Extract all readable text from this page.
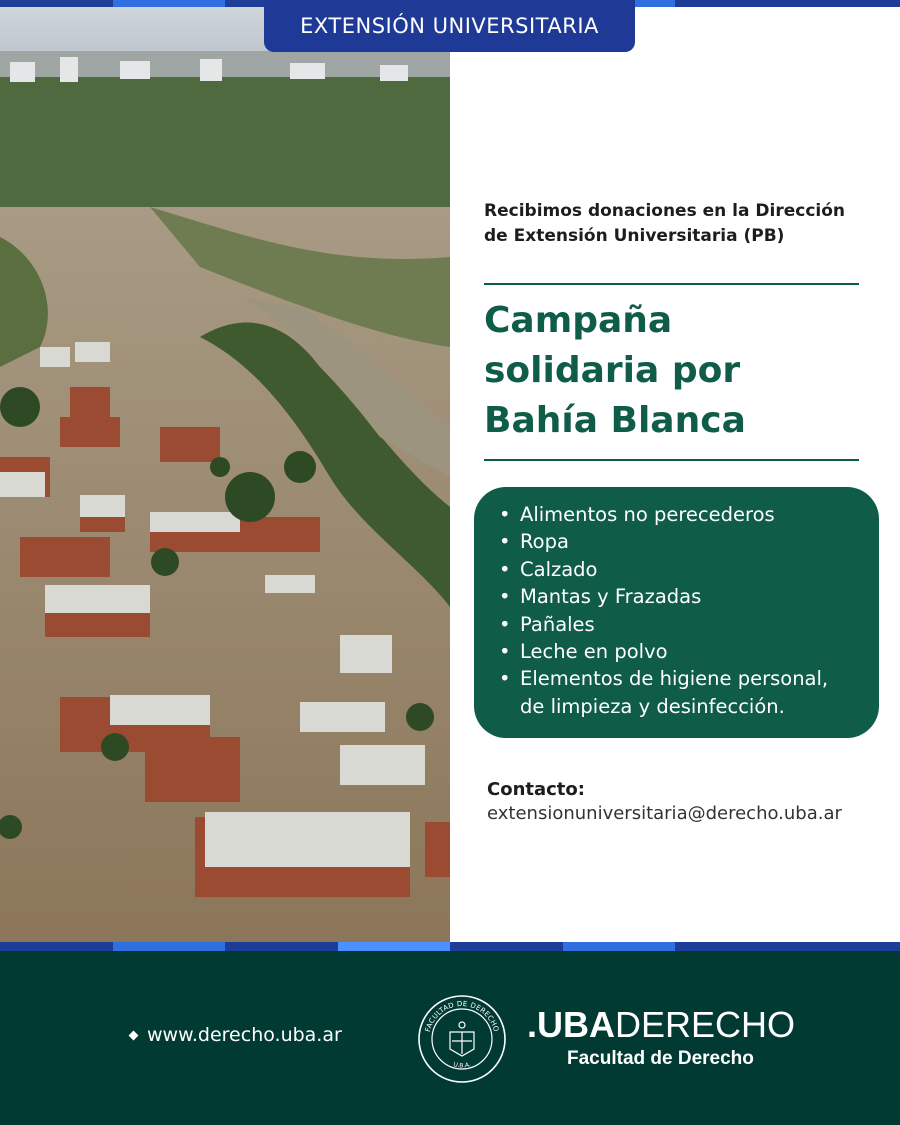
EXTENSIÓN UNIVERSITARIA
Recibimos donaciones en la Dirección de Extensión Universitaria (PB)
Campaña
solidaria por
Bahía Blanca
• Alimentos no perecederos
• Ropa
• Calzado
• Mantas y Frazadas
• Pañales
• Leche en polvo
• Elementos de higiene personal,
de limpieza y desinfección.
Contacto:
extensionuniversitaria@derecho.uba.ar
www.derecho.uba.ar	FACULTAD DE DERECHO
U.B.A.
.UBADERECHO
Facultad de Derecho
